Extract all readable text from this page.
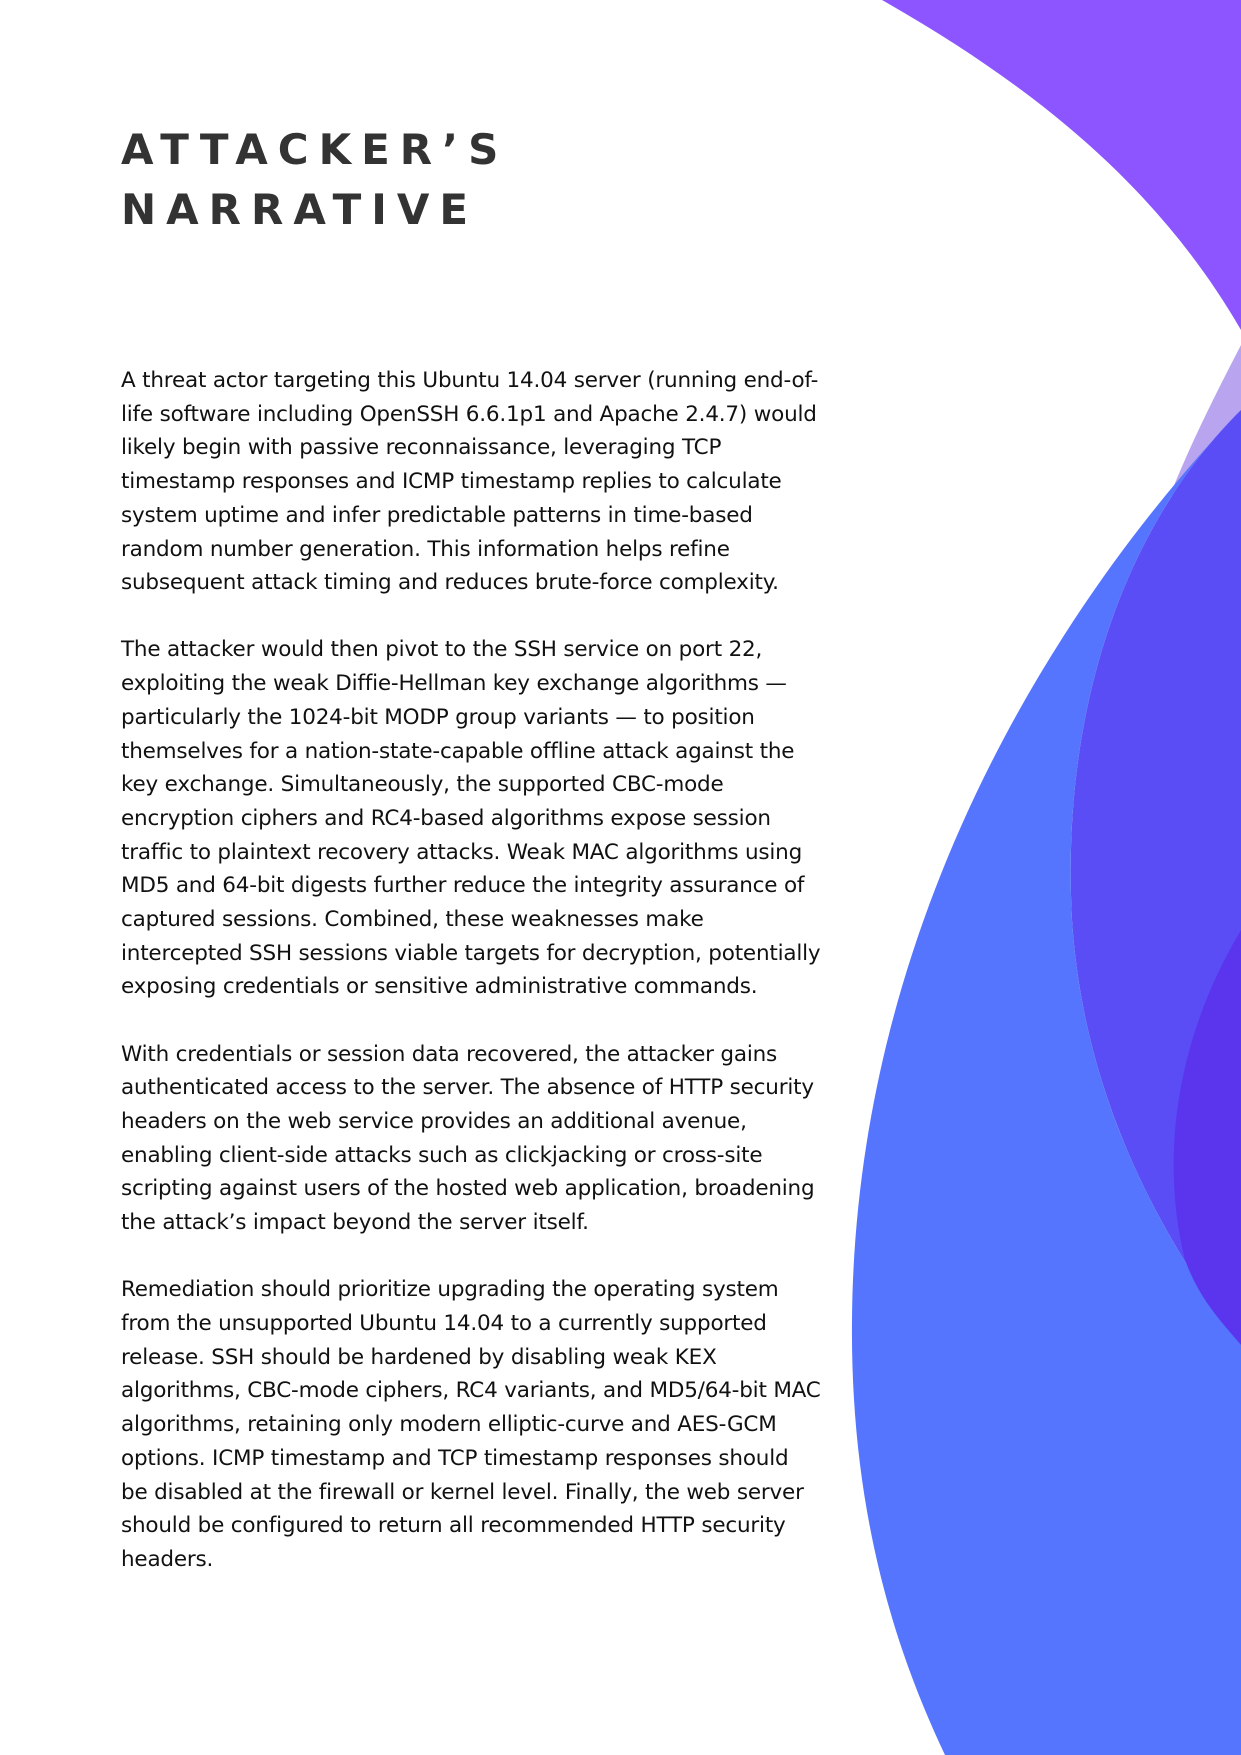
ATTACKER’S
NARRATIVE

A threat actor targeting this Ubuntu 14.04 server (running end-of-life software including OpenSSH 6.6.1p1 and Apache 2.4.7) would likely begin with passive reconnaissance, leveraging TCP timestamp responses and ICMP timestamp replies to calculate system uptime and infer predictable patterns in time-based random number generation. This information helps refine subsequent attack timing and reduces brute-force complexity.

The attacker would then pivot to the SSH service on port 22, exploiting the weak Diffie-Hellman key exchange algorithms — particularly the 1024-bit MODP group variants — to position themselves for a nation-state-capable offline attack against the key exchange. Simultaneously, the supported CBC-mode encryption ciphers and RC4-based algorithms expose session traffic to plaintext recovery attacks. Weak MAC algorithms using MD5 and 64-bit digests further reduce the integrity assurance of captured sessions. Combined, these weaknesses make intercepted SSH sessions viable targets for decryption, potentially exposing credentials or sensitive administrative commands.

With credentials or session data recovered, the attacker gains authenticated access to the server. The absence of HTTP security headers on the web service provides an additional avenue, enabling client-side attacks such as clickjacking or cross-site scripting against users of the hosted web application, broadening the attack’s impact beyond the server itself.

Remediation should prioritize upgrading the operating system from the unsupported Ubuntu 14.04 to a currently supported release. SSH should be hardened by disabling weak KEX algorithms, CBC-mode ciphers, RC4 variants, and MD5/64-bit MAC algorithms, retaining only modern elliptic-curve and AES-GCM options. ICMP timestamp and TCP timestamp responses should be disabled at the firewall or kernel level. Finally, the web server should be configured to return all recommended HTTP security headers.
